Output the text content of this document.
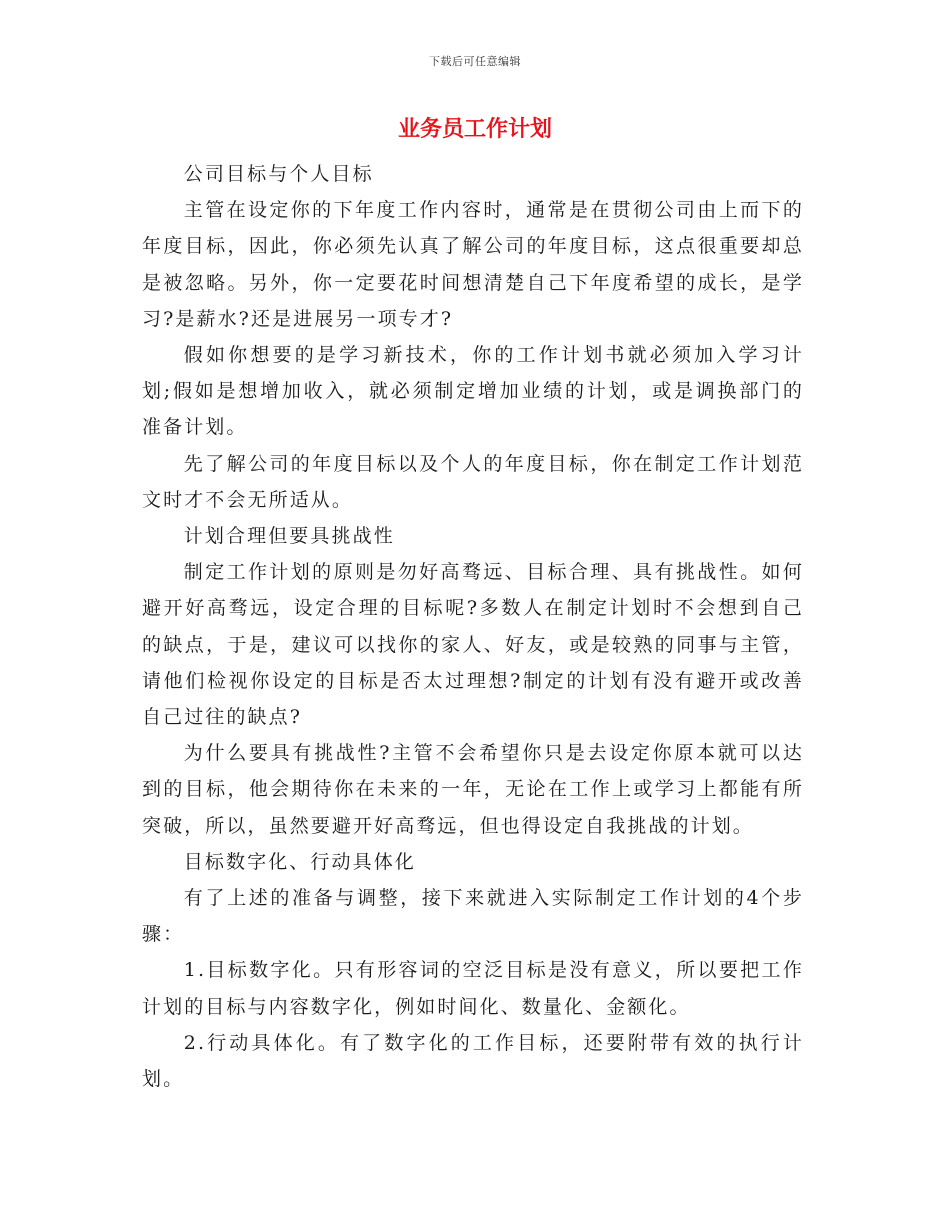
下载后可任意编辑
业务员工作计划

公司目标与个人目标

主管在设定你的下年度工作内容时，通常是在贯彻公司由上而下的年度目标，因此，你必须先认真了解公司的年度目标，这点很重要却总是被忽略。另外，你一定要花时间想清楚自己下年度希望的成长，是学习?是薪水?还是进展另一项专才?

假如你想要的是学习新技术，你的工作计划书就必须加入学习计划;假如是想增加收入，就必须制定增加业绩的计划，或是调换部门的准备计划。

先了解公司的年度目标以及个人的年度目标，你在制定工作计划范文时才不会无所适从。

计划合理但要具挑战性

制定工作计划的原则是勿好高骛远、目标合理、具有挑战性。如何避开好高骛远，设定合理的目标呢?多数人在制定计划时不会想到自己的缺点，于是，建议可以找你的家人、好友，或是较熟的同事与主管，请他们检视你设定的目标是否太过理想?制定的计划有没有避开或改善自己过往的缺点?

为什么要具有挑战性?主管不会希望你只是去设定你原本就可以达到的目标，他会期待你在未来的一年，无论在工作上或学习上都能有所突破，所以，虽然要避开好高骛远，但也得设定自我挑战的计划。

目标数字化、行动具体化

有了上述的准备与调整，接下来就进入实际制定工作计划的4个步骤：

1.目标数字化。只有形容词的空泛目标是没有意义，所以要把工作计划的目标与内容数字化，例如时间化、数量化、金额化。

2.行动具体化。有了数字化的工作目标，还要附带有效的执行计划。
